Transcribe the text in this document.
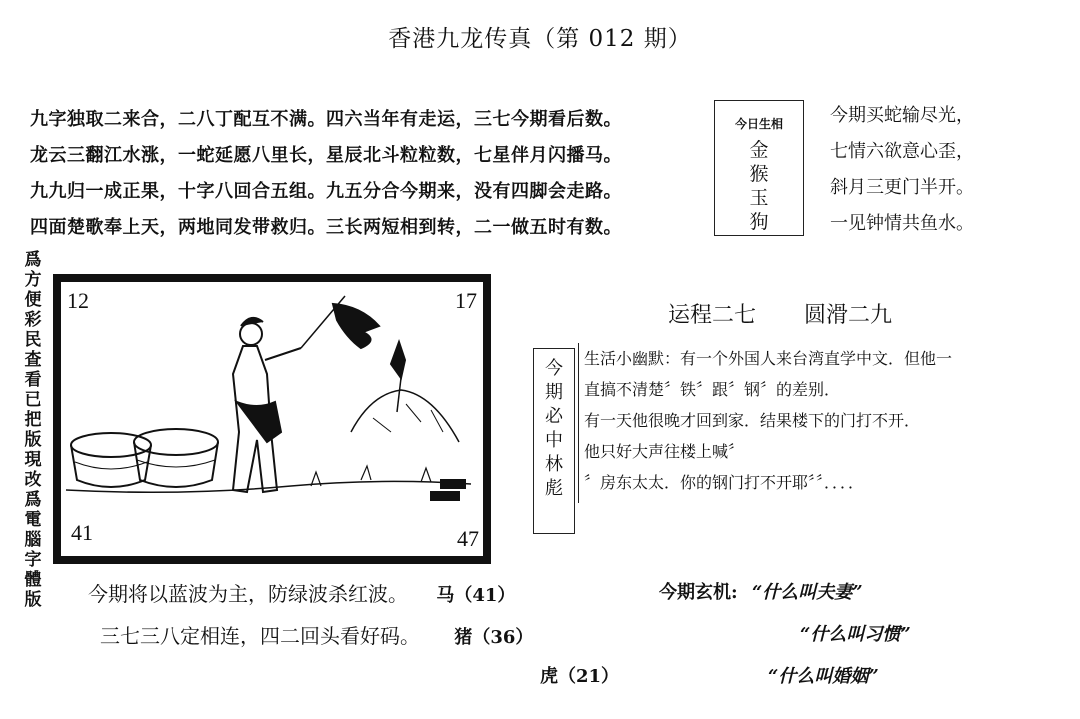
香港九龙传真（第 012 期）
九字独取二来合，二八丁配互不满。四六当年有走运，三七今期看后数。
龙云三翻江水涨，一蛇延愿八里长，星辰北斗粒粒数，七星伴月闪播马。
九九归一成正果，十字八回合五组。九五分合今期来，没有四脚会走路。
四面楚歌奉上天，两地同发带救归。三长两短相到转，二一做五时有数。
今日生相
金
猴
玉
狗
今期买蛇输尽光，
七情六欲意心歪，
斜月三更门半开。
一见钟情共鱼水。
爲
方
便
彩
民
查
看
已
把
版
現
改
爲
電
腦
字
體
版
12	17
41	47
运程二七 圆滑二九
今
期
必
中
林
彪
生活小幽默：有一个外国人来台湾直学中文．但他一
直搞不清楚〞铁〞跟〞钢〞的差别．
有一天他很晚才回到家．结果楼下的门打不开．
他只好大声往楼上喊〞
〞房东太太．你的钢门打不开耶〞〞．．．．
今期将以蓝波为主，防绿波杀红波。 马（41）
三七三八定相连，四二回头看好码。 猪（36）
虎（21）
今期玄机: “什么叫夫妻”
“什么叫习惯”
“什么叫婚姻”
